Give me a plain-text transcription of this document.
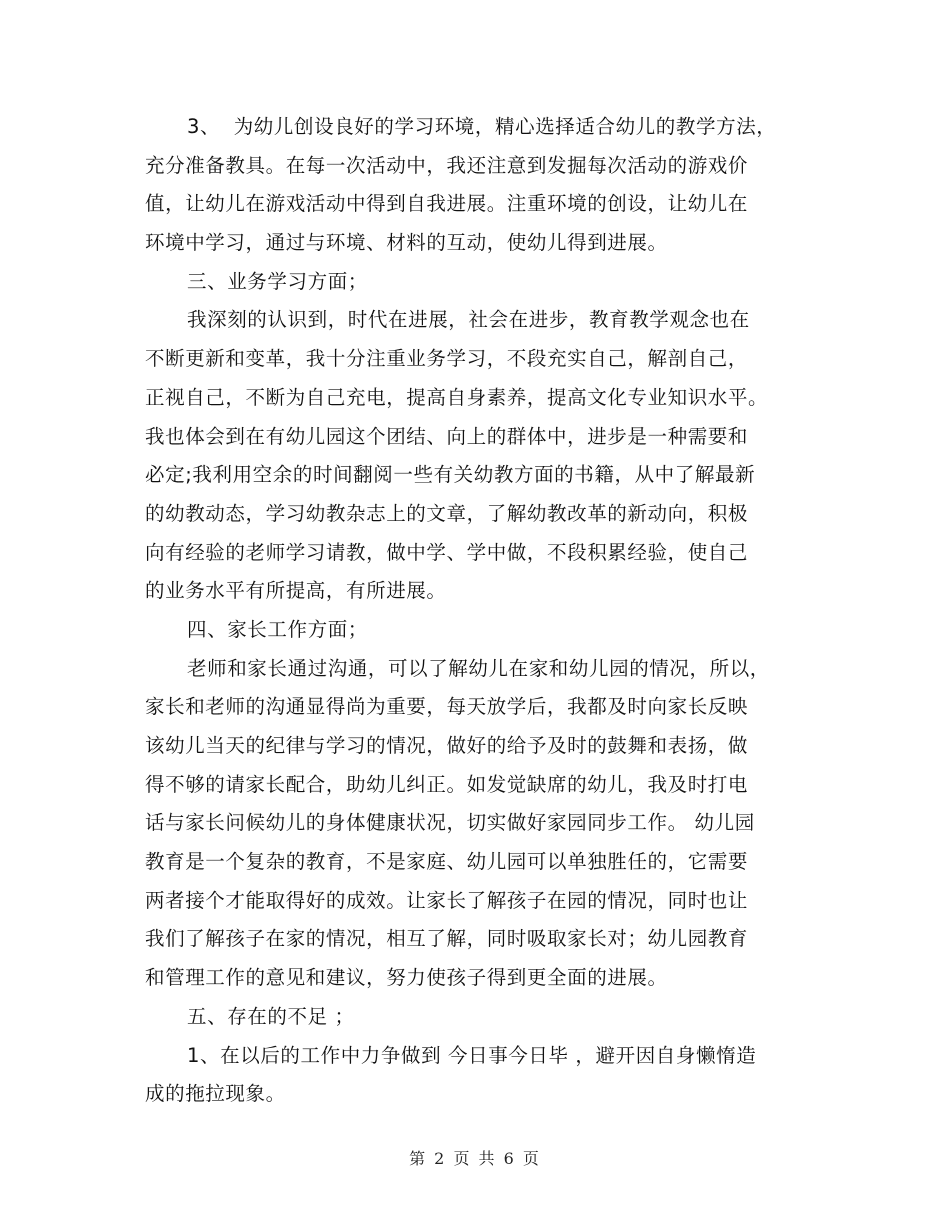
3、  为幼儿创设良好的学习环境，精心选择适合幼儿的教学方法，
充分准备教具。在每一次活动中，我还注意到发掘每次活动的游戏价
值，让幼儿在游戏活动中得到自我进展。注重环境的创设，让幼儿在
环境中学习，通过与环境、材料的互动，使幼儿得到进展。
三、业务学习方面；
我深刻的认识到，时代在进展，社会在进步，教育教学观念也在
不断更新和变革，我十分注重业务学习，不段充实自己，解剖自己，
正视自己，不断为自己充电，提高自身素养，提高文化专业知识水平。
我也体会到在有幼儿园这个团结、向上的群体中，进步是一种需要和
必定;我利用空余的时间翻阅一些有关幼教方面的书籍，从中了解最新
的幼教动态，学习幼教杂志上的文章，了解幼教改革的新动向，积极
向有经验的老师学习请教，做中学、学中做，不段积累经验，使自己
的业务水平有所提高，有所进展。
四、家长工作方面；
老师和家长通过沟通，可以了解幼儿在家和幼儿园的情况，所以，
家长和老师的沟通显得尚为重要，每天放学后，我都及时向家长反映
该幼儿当天的纪律与学习的情况，做好的给予及时的鼓舞和表扬，做
得不够的请家长配合，助幼儿纠正。如发觉缺席的幼儿，我及时打电
话与家长问候幼儿的身体健康状况，切实做好家园同步工作。 幼儿园
教育是一个复杂的教育，不是家庭、幼儿园可以单独胜任的，它需要
两者接个才能取得好的成效。让家长了解孩子在园的情况，同时也让
我们了解孩子在家的情况，相互了解，同时吸取家长对；幼儿园教育
和管理工作的意见和建议，努力使孩子得到更全面的进展。
五、存在的不足 ；
1、在以后的工作中力争做到 今日事今日毕 ，避开因自身懒惰造
成的拖拉现象。
第 2 页 共 6 页
